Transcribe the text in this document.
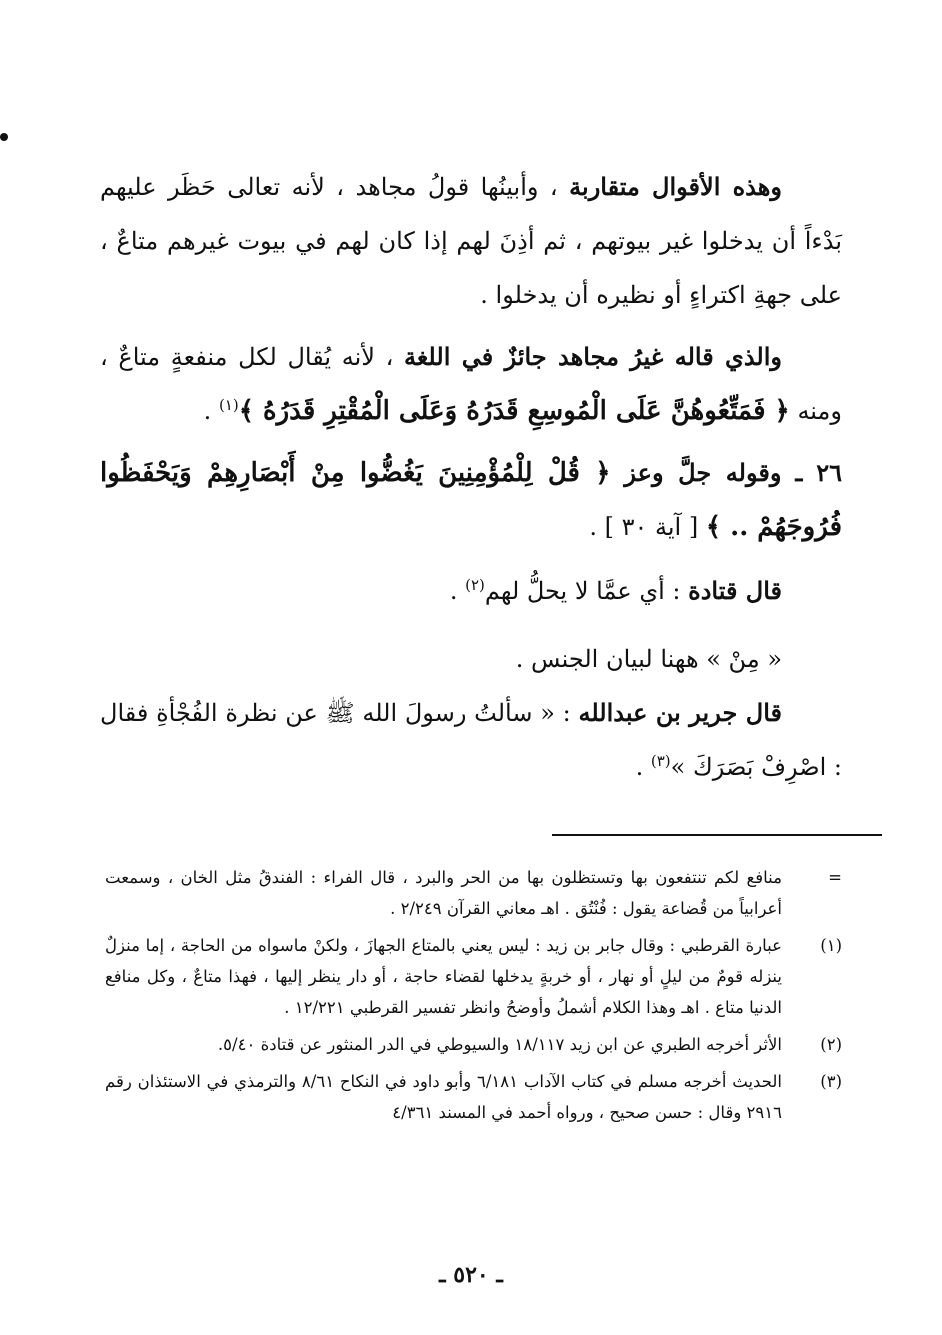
وهذه الأقوال متقاربة ، وأبينُها قولُ مجاهد ، لأنه تعالى حَظَر عليهم بَدْءاً أن يدخلوا غير بيوتهم ، ثم أذِنَ لهم إذا كان لهم في بيوت غيرهم متاعٌ ، على جهةِ اكتراءٍ أو نظيره أن يدخلوا .

والذي قاله غيرُ مجاهد جائزٌ في اللغة ، لأنه يُقال لكل منفعةٍ متاعٌ ، ومنه ﴿ فَمَتِّعُوهُنَّ عَلَى الْمُوسِعِ قَدَرُهُ وَعَلَى الْمُقْتِرِ قَدَرُهُ ﴾$^{(١)}$ .

٢٦ ـ وقوله جلَّ وعز ﴿ قُلْ لِلْمُؤْمِنِينَ يَغُضُّوا مِنْ أَبْصَارِهِمْ وَيَحْفَظُوا فُرُوجَهُمْ .. ﴾ [ آية ٣٠ ] .

قال قتادة : أي عمَّا لا يحلُّ لهم$^{(٢)}$ .

« مِنْ » ههنا لبيان الجنس .

قال جرير بن عبدالله : « سألتُ رسولَ الله ﷺ عن نظرة الفُجْأةِ فقال : اصْرِفْ بَصَرَكَ »$^{(٣)}$ .

=
منافع لكم تنتفعون بها وتستظلون بها من الحر والبرد ، قال الفراء : الفندقُ مثل الخان ، وسمعت أعرابياً من قُضاعة يقول : فُنْتُق . اهـ معاني القرآن ٢/٢٤٩ .
(١)
عبارة القرطبي : وقال جابر بن زيد : ليس يعني بالمتاع الجهازَ ، ولكنْ ماسواه من الحاجة ، إما منزلٌ ينزله قومٌ من ليلٍ أو نهار ، أو خربةٍ يدخلها لقضاء حاجة ، أو دار ينظر إليها ، فهذا متاعٌ ، وكل منافع الدنيا متاع . اهـ وهذا الكلام أشملُ وأوضحُ وانظر تفسير القرطبي ١٢/٢٢١ .
(٢)
الأثر أخرجه الطبري عن ابن زيد ١٨/١١٧ والسيوطي في الدر المنثور عن قتادة ٥/٤٠.
(٣)
الحديث أخرجه مسلم في كتاب الآداب ٦/١٨١ وأبو داود في النكاح ٨/٦١ والترمذي في الاستئذان رقم ٢٩١٦ وقال : حسن صحيح ، ورواه أحمد في المسند ٤/٣٦١
ـ ٥٢٠ ـ
